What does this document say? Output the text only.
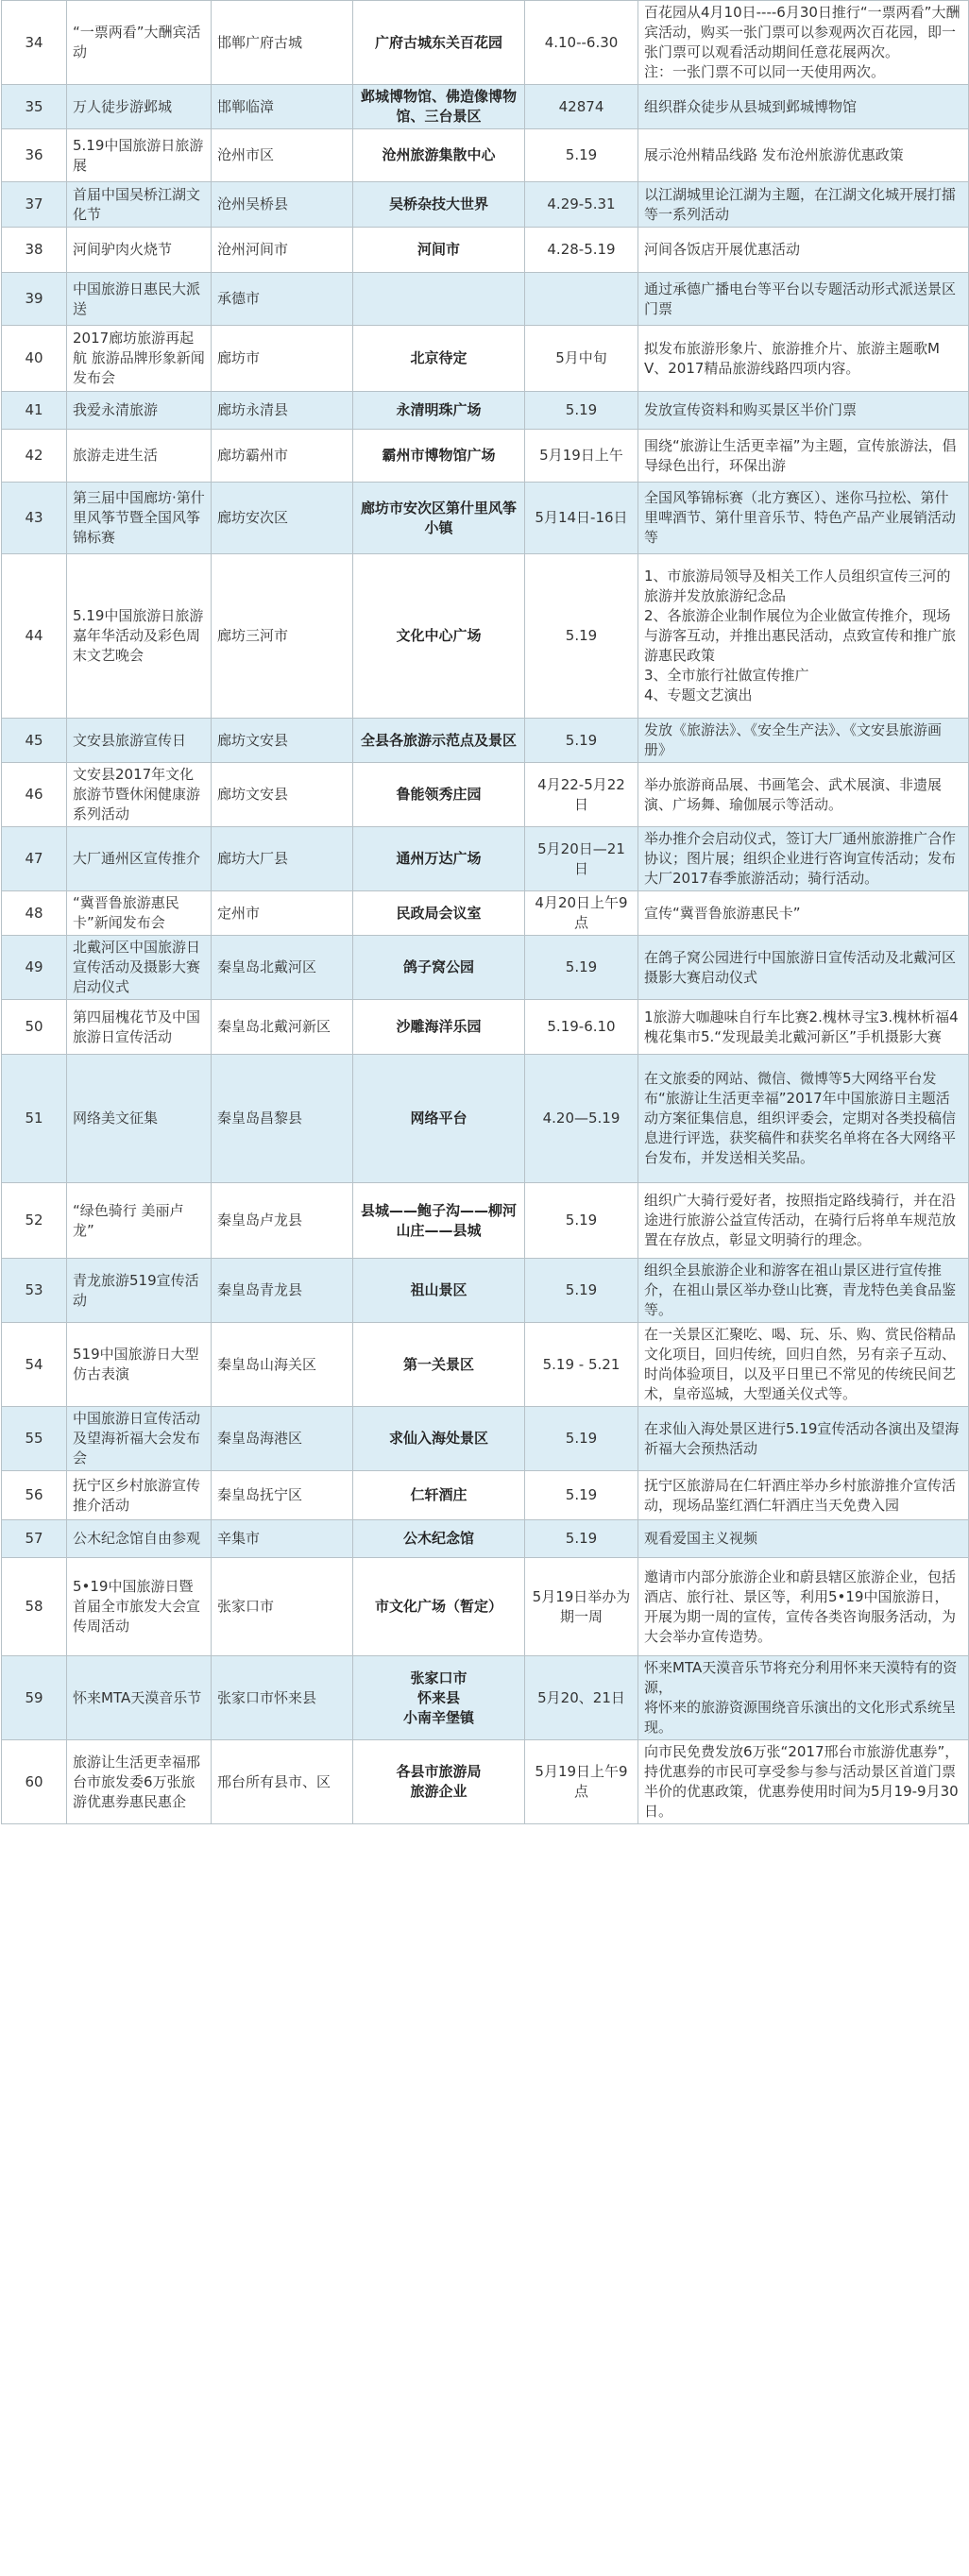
34	“一票两看”大酬宾活动	邯郸广府古城	广府古城东关百花园	4.10--6.30	百花园从4月10日----6月30日推行“一票两看”大酬宾活动，购买一张门票可以参观两次百花园，即一张门票可以观看活动期间任意花展两次。
注：一张门票不可以同一天使用两次。
35	万人徒步游邺城	邯郸临漳	邺城博物馆、佛造像博物馆、三台景区	42874	组织群众徒步从县城到邺城博物馆
36	5.19中国旅游日旅游展	沧州市区	沧州旅游集散中心	5.19	展示沧州精品线路 发布沧州旅游优惠政策
37	首届中国吴桥江湖文化节	沧州吴桥县	吴桥杂技大世界	4.29-5.31	以江湖城里论江湖为主题，在江湖文化城开展打擂等一系列活动
38	河间驴肉火烧节	沧州河间市	河间市	4.28-5.19	河间各饭店开展优惠活动
39	中国旅游日惠民大派送	承德市			通过承德广播电台等平台以专题活动形式派送景区门票
40	2017廊坊旅游再起航 旅游品牌形象新闻发布会	廊坊市	北京待定	5月中旬	拟发布旅游形象片、旅游推介片、旅游主题歌MV、2017精品旅游线路四项内容。
41	我爱永清旅游	廊坊永清县	永清明珠广场	5.19	发放宣传资料和购买景区半价门票
42	旅游走进生活	廊坊霸州市	霸州市博物馆广场	5月19日上午	围绕“旅游让生活更幸福”为主题，宣传旅游法，倡导绿色出行，环保出游
43	第三届中国廊坊·第什里风筝节暨全国风筝锦标赛	廊坊安次区	廊坊市安次区第什里风筝小镇	5月14日-16日	全国风筝锦标赛（北方赛区）、迷你马拉松、第什里啤酒节、第什里音乐节、特色产品产业展销活动等
44	5.19中国旅游日旅游嘉年华活动及彩色周末文艺晚会	廊坊三河市	文化中心广场	5.19	1、市旅游局领导及相关工作人员组织宣传三河的旅游并发放旅游纪念品
2、各旅游企业制作展位为企业做宣传推介，现场与游客互动，并推出惠民活动，点致宣传和推广旅游惠民政策
3、全市旅行社做宣传推广
4、专题文艺演出
45	文安县旅游宣传日	廊坊文安县	全县各旅游示范点及景区	5.19	发放《旅游法》、《安全生产法》、《文安县旅游画册》
46	文安县2017年文化旅游节暨休闲健康游系列活动	廊坊文安县	鲁能领秀庄园	4月22-5月22日	举办旅游商品展、书画笔会、武术展演、非遗展演、广场舞、瑜伽展示等活动。
47	大厂通州区宣传推介	廊坊大厂县	通州万达广场	5月20日—21日	举办推介会启动仪式，签订大厂通州旅游推广合作协议；图片展；组织企业进行咨询宣传活动；发布大厂2017春季旅游活动；骑行活动。
48	“冀晋鲁旅游惠民卡”新闻发布会	定州市	民政局会议室	4月20日上午9点	宣传“冀晋鲁旅游惠民卡”
49	北戴河区中国旅游日宣传活动及摄影大赛启动仪式	秦皇岛北戴河区	鸽子窝公园	5.19	在鸽子窝公园进行中国旅游日宣传活动及北戴河区摄影大赛启动仪式
50	第四届槐花节及中国旅游日宣传活动	秦皇岛北戴河新区	沙雕海洋乐园	5.19-6.10	1旅游大咖趣味自行车比赛2.槐林寻宝3.槐林析福4槐花集市5.“发现最美北戴河新区”手机摄影大赛
51	网络美文征集	秦皇岛昌黎县	网络平台	4.20—5.19	在文旅委的网站、微信、微博等5大网络平台发布“旅游让生活更幸福”2017年中国旅游日主题活动方案征集信息，组织评委会，定期对各类投稿信息进行评选，获奖稿件和获奖名单将在各大网络平台发布，并发送相关奖品。
52	“绿色骑行 美丽卢龙”	秦皇岛卢龙县	县城——鲍子沟——柳河山庄——县城	5.19	组织广大骑行爱好者，按照指定路线骑行，并在沿途进行旅游公益宣传活动，在骑行后将单车规范放置在存放点，彰显文明骑行的理念。
53	青龙旅游519宣传活动	秦皇岛青龙县	祖山景区	5.19	组织全县旅游企业和游客在祖山景区进行宣传推介，在祖山景区举办登山比赛，青龙特色美食品鉴等。
54	519中国旅游日大型仿古表演	秦皇岛山海关区	第一关景区	5.19 - 5.21	在一关景区汇聚吃、喝、玩、乐、购、赏民俗精品文化项目，回归传统，回归自然，另有亲子互动、时尚体验项目，以及平日里已不常见的传统民间艺术，皇帝巡城，大型通关仪式等。
55	中国旅游日宣传活动及望海祈福大会发布会	秦皇岛海港区	求仙入海处景区	5.19	在求仙入海处景区进行5.19宣传活动各演出及望海祈福大会预热活动
56	抚宁区乡村旅游宣传推介活动	秦皇岛抚宁区	仁轩酒庄	5.19	抚宁区旅游局在仁轩酒庄举办乡村旅游推介宣传活动，现场品鉴红酒仁轩酒庄当天免费入园
57	公木纪念馆自由参观	辛集市	公木纪念馆	5.19	观看爱国主义视频
58	5•19中国旅游日暨首届全市旅发大会宣传周活动	张家口市	市文化广场（暂定）	5月19日举办为期一周	邀请市内部分旅游企业和蔚县辖区旅游企业，包括酒店、旅行社、景区等，利用5•19中国旅游日，开展为期一周的宣传，宣传各类咨询服务活动，为大会举办宣传造势。
59	怀来MTA天漠音乐节	张家口市怀来县	张家口市
怀来县
小南辛堡镇	5月20、21日	怀来MTA天漠音乐节将充分利用怀来天漠特有的资源，
将怀来的旅游资源围绕音乐演出的文化形式系统呈现。
60	旅游让生活更幸福邢台市旅发委6万张旅游优惠券惠民惠企	邢台所有县市、区	各县市旅游局
旅游企业	5月19日上午9点	向市民免费发放6万张“2017邢台市旅游优惠券”，持优惠券的市民可享受参与参与活动景区首道门票半价的优惠政策，优惠券使用时间为5月19-9月30日。
